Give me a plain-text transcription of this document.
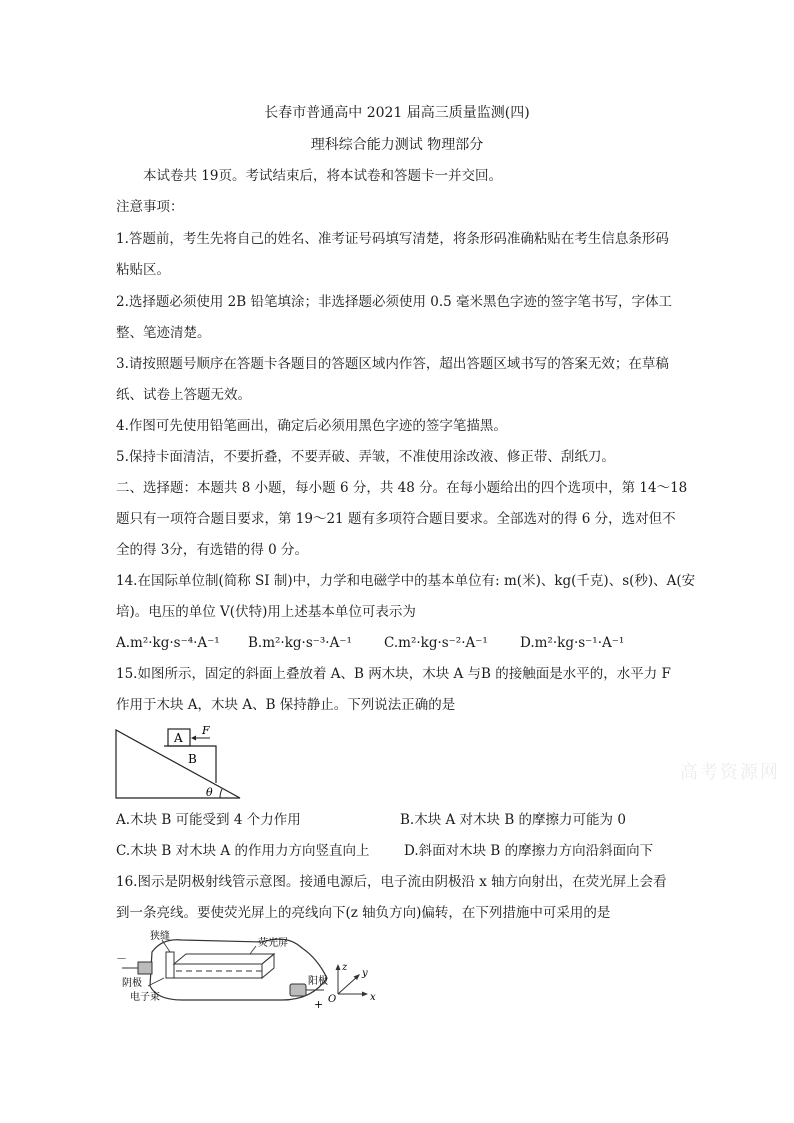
长春市普通高中 2021 届高三质量监测(四)
理科综合能力测试 物理部分
本试卷共 19页。考试结束后，将本试卷和答题卡一并交回。
注意事项：
1.答题前，考生先将自己的姓名、准考证号码填写清楚，将条形码准确粘贴在考生信息条形码
粘贴区。
2.选择题必须使用 2B 铅笔填涂；非选择题必须使用 0.5 毫米黑色字迹的签字笔书写，字体工
整、笔迹清楚。
3.请按照题号顺序在答题卡各题目的答题区域内作答，超出答题区域书写的答案无效；在草稿
纸、试卷上答题无效。
4.作图可先使用铅笔画出，确定后必须用黑色字迹的签字笔描黑。
5.保持卡面清洁，不要折叠，不要弄破、弄皱，不准使用涂改液、修正带、刮纸刀。
二、选择题：本题共 8 小题，每小题 6 分，共 48 分。在每小题给出的四个选项中，第 14～18
题只有一项符合题目要求，第 19～21 题有多项符合题目要求。全部选对的得 6 分，选对但不
全的得 3分，有选错的得 0 分。
14.在国际单位制(简称 SI 制)中，力学和电磁学中的基本单位有: m(米)、kg(千克)、s(秒)、A(安
培)。电压的单位 V(伏特)用上述基本单位可表示为
A.m²·kg·s⁻⁴·A⁻¹ B.m²·kg·s⁻³·A⁻¹ C.m²·kg·s⁻²·A⁻¹ D.m²·kg·s⁻¹·A⁻¹
15.如图所示，固定的斜面上叠放着 A、B 两木块，木块 A 与B 的接触面是水平的，水平力 F
作用于木块 A，木块 A、B 保持静止。下列说法正确的是
A
B
F
θ
高考资源网
A.木块 B 可能受到 4 个力作用	B.木块 A 对木块 B 的摩擦力可能为 0
C.木块 B 对木块 A 的作用力方向竖直向上	D.斜面对木块 B 的摩擦力方向沿斜面向下
16.图示是阴极射线管示意图。接通电源后，电子流由阴极沿 x 轴方向射出，在荧光屏上会看
到一条亮线。要使荧光屏上的亮线向下(z 轴负方向)偏转，在下列措施中可采用的是
狭缝
荧光屏
阴极	阳极
电子束
－
+
z
y
x
O
